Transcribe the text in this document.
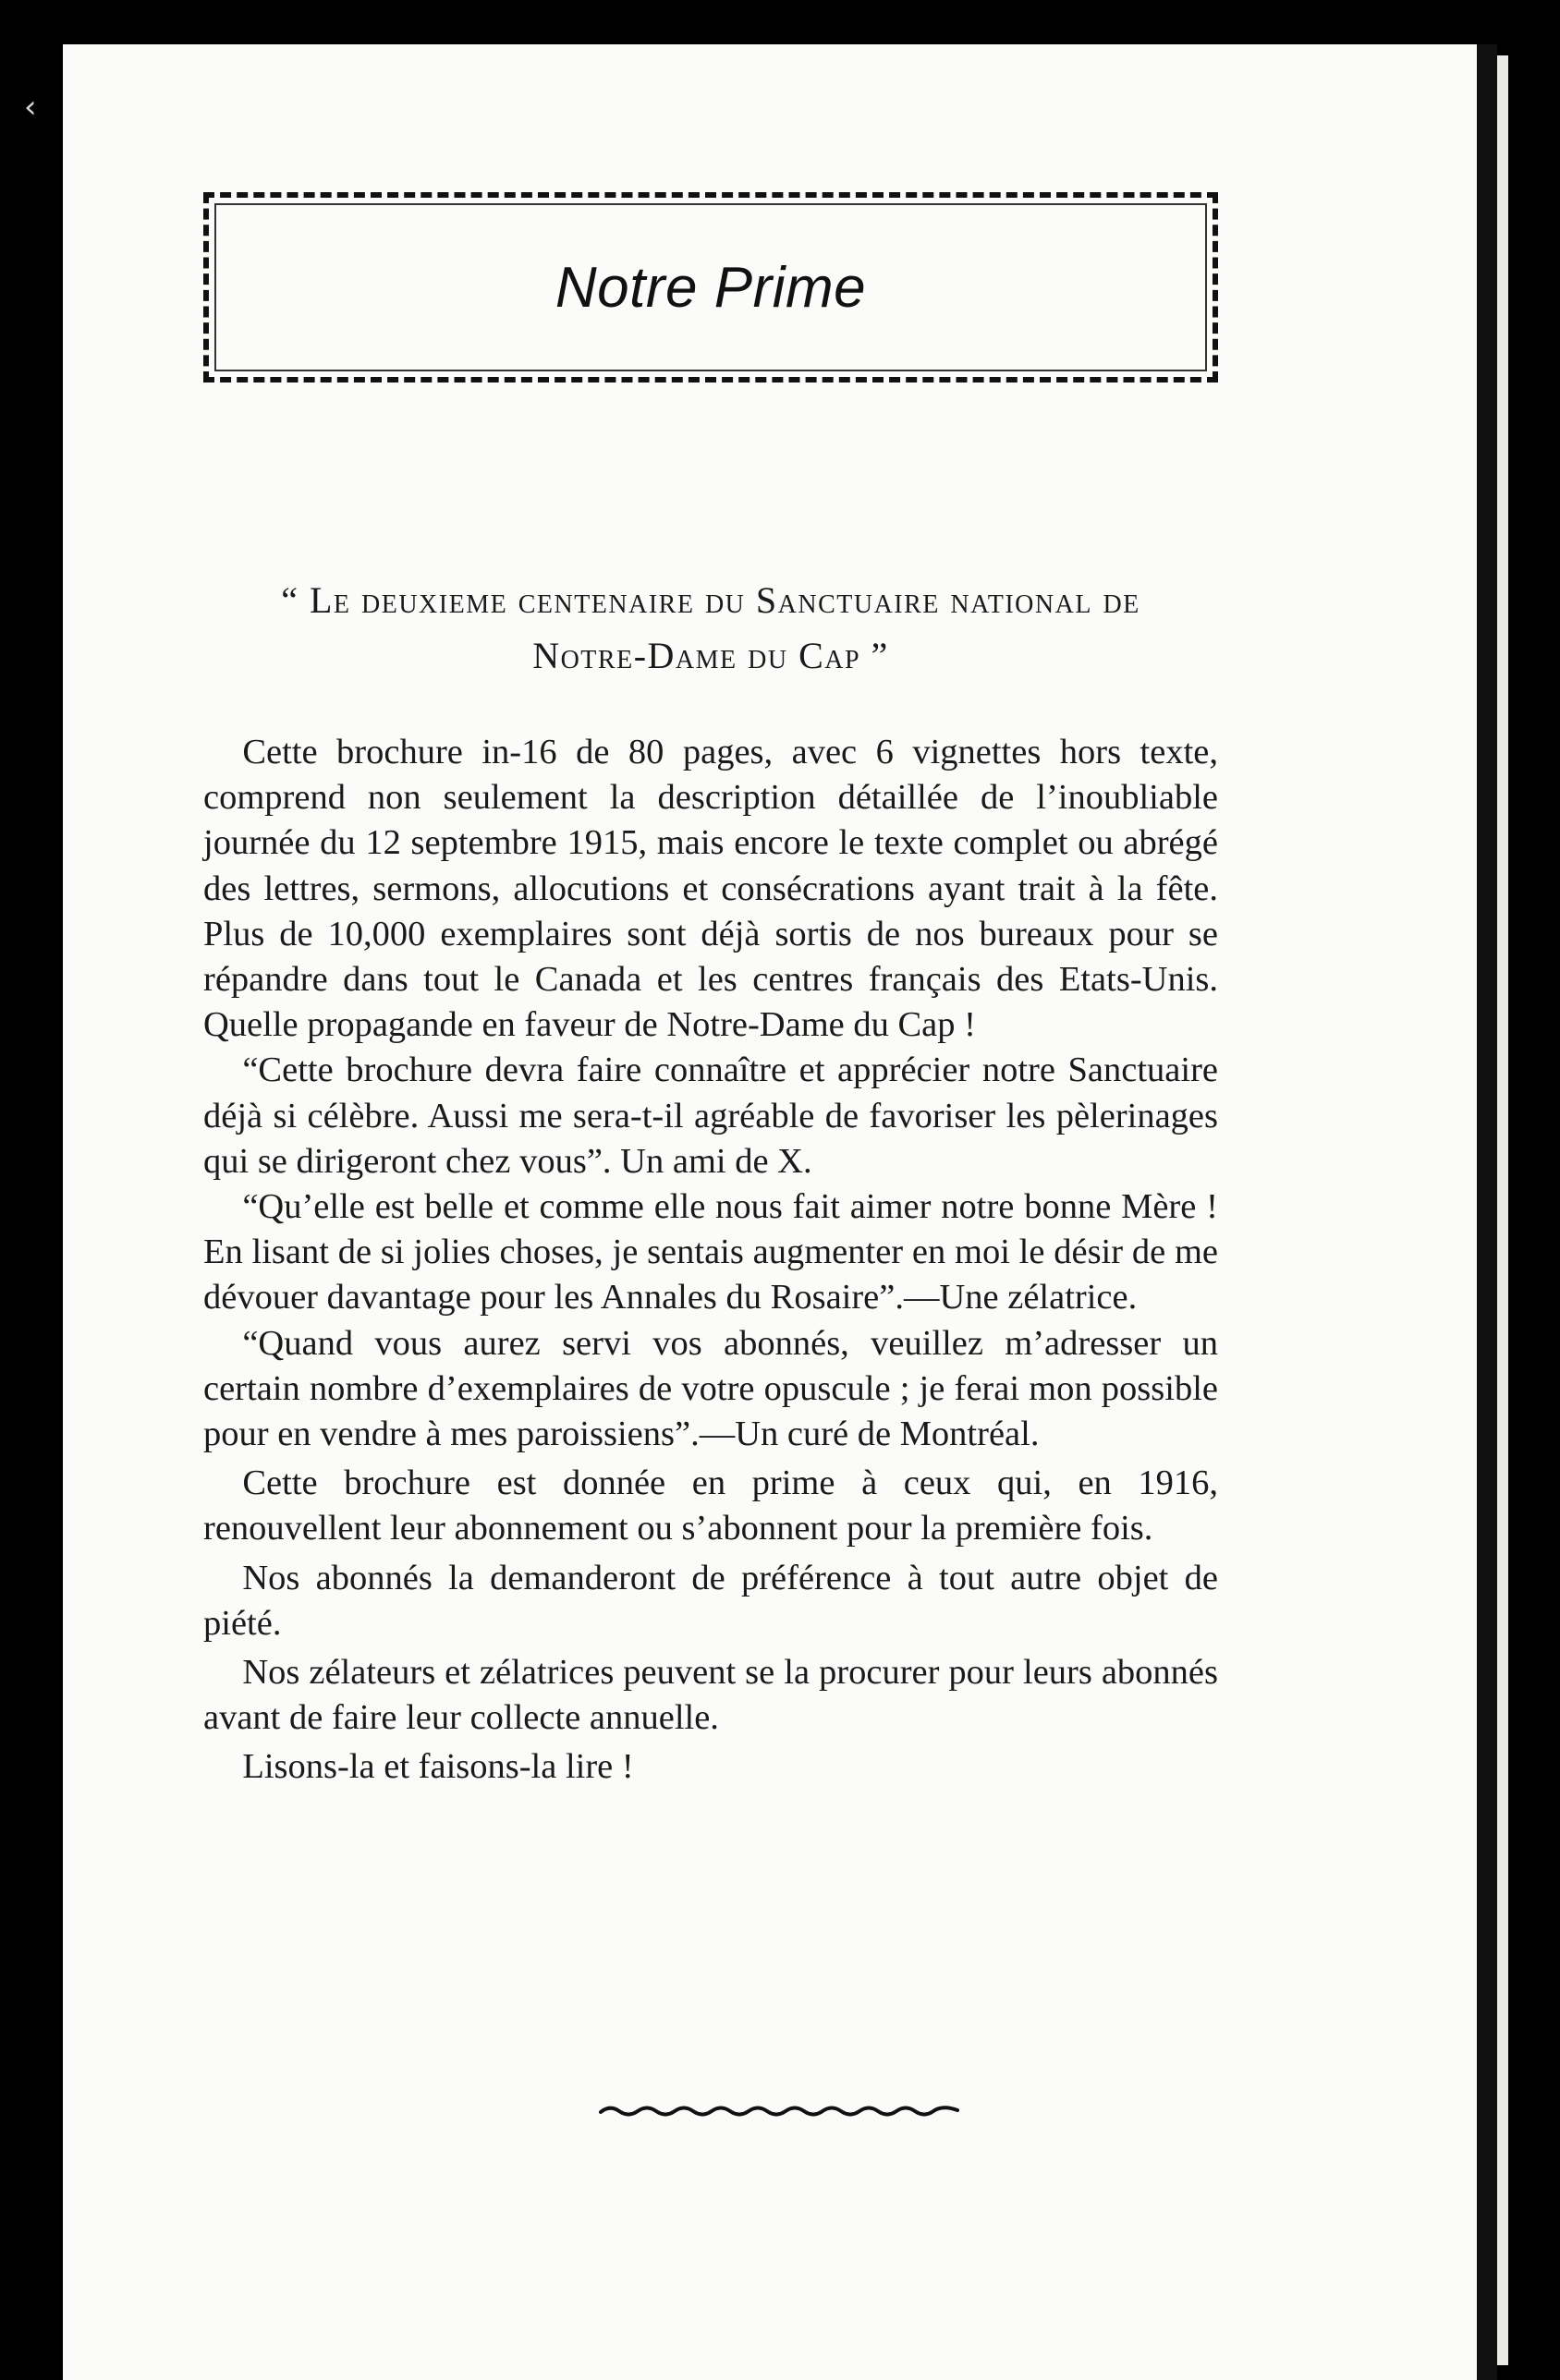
‹
Notre Prime
“ Le deuxieme centenaire du Sanctuaire national de
Notre-Dame du Cap ”

Cette brochure in-16 de 80 pages, avec 6 vignettes hors texte, comprend non seulement la description détaillée de l’inoubliable journée du 12 septembre 1915, mais encore le texte complet ou abrégé des lettres, sermons, allocutions et consécrations ayant trait à la fête. Plus de 10,000 exemplaires sont déjà sortis de nos bureaux pour se répandre dans tout le Canada et les centres français des Etats-Unis. Quelle propagande en faveur de Notre-Dame du Cap !

“Cette brochure devra faire connaître et apprécier notre Sanctuaire déjà si célèbre. Aussi me sera-t-il agréable de favoriser les pèlerinages qui se dirigeront chez vous”. Un ami de X.

“Qu’elle est belle et comme elle nous fait aimer notre bonne Mère ! En lisant de si jolies choses, je sentais augmenter en moi le désir de me dévouer davantage pour les Annales du Rosaire”.—Une zélatrice.

“Quand vous aurez servi vos abonnés, veuillez m’adresser un certain nombre d’exemplaires de votre opuscule ; je ferai mon possible pour en vendre à mes paroissiens”.—Un curé de Montréal.

Cette brochure est donnée en prime à ceux qui, en 1916, renouvellent leur abonnement ou s’abonnent pour la première fois.

Nos abonnés la demanderont de préférence à tout autre objet de piété.

Nos zélateurs et zélatrices peuvent se la procurer pour leurs abonnés avant de faire leur collecte annuelle.

Lisons-la et faisons-la lire !
